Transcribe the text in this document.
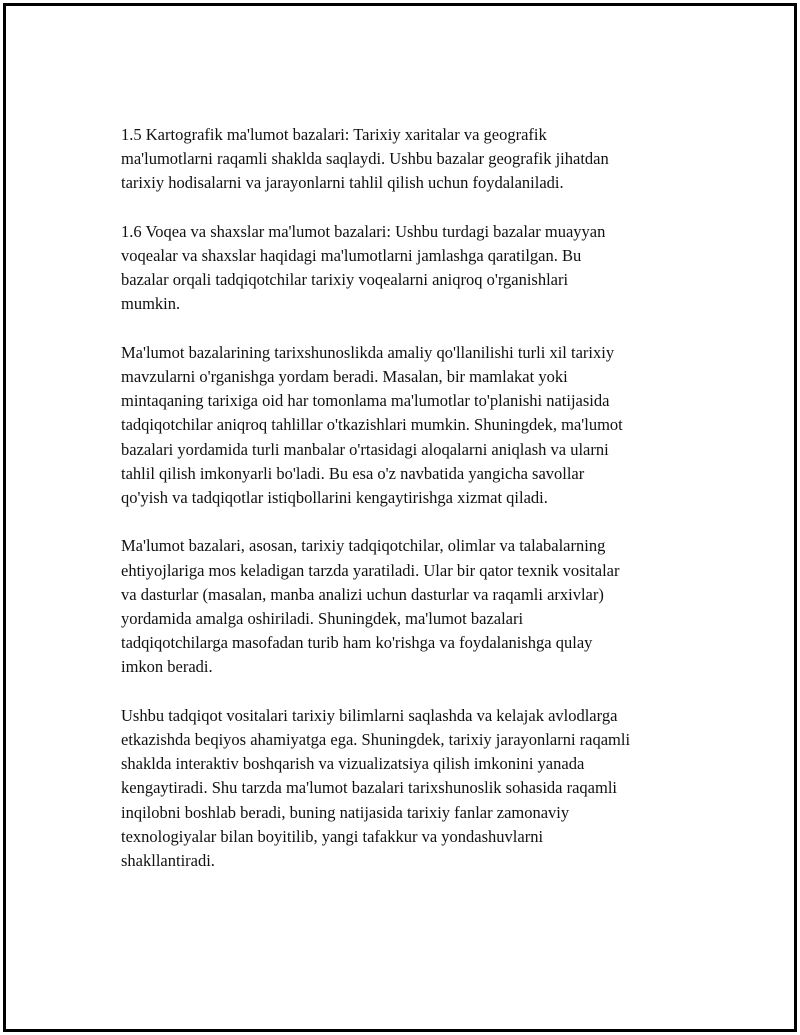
1.5 Kartografik ma'lumot bazalari: Tarixiy xaritalar va geografik
ma'lumotlarni raqamli shaklda saqlaydi. Ushbu bazalar geografik jihatdan
tarixiy hodisalarni va jarayonlarni tahlil qilish uchun foydalaniladi.

1.6 Voqea va shaxslar ma'lumot bazalari: Ushbu turdagi bazalar muayyan
voqealar va shaxslar haqidagi ma'lumotlarni jamlashga qaratilgan. Bu
bazalar orqali tadqiqotchilar tarixiy voqealarni aniqroq o'rganishlari
mumkin.

Ma'lumot bazalarining tarixshunoslikda amaliy qo'llanilishi turli xil tarixiy
mavzularni o'rganishga yordam beradi. Masalan, bir mamlakat yoki
mintaqaning tarixiga oid har tomonlama ma'lumotlar to'planishi natijasida
tadqiqotchilar aniqroq tahlillar o'tkazishlari mumkin. Shuningdek, ma'lumot
bazalari yordamida turli manbalar o'rtasidagi aloqalarni aniqlash va ularni
tahlil qilish imkonyarli bo'ladi. Bu esa o'z navbatida yangicha savollar
qo'yish va tadqiqotlar istiqbollarini kengaytirishga xizmat qiladi.

Ma'lumot bazalari, asosan, tarixiy tadqiqotchilar, olimlar va talabalarning
ehtiyojlariga mos keladigan tarzda yaratiladi. Ular bir qator texnik vositalar
va dasturlar (masalan, manba analizi uchun dasturlar va raqamli arxivlar)
yordamida amalga oshiriladi. Shuningdek, ma'lumot bazalari
tadqiqotchilarga masofadan turib ham ko'rishga va foydalanishga qulay
imkon beradi.

Ushbu tadqiqot vositalari tarixiy bilimlarni saqlashda va kelajak avlodlarga
etkazishda beqiyos ahamiyatga ega. Shuningdek, tarixiy jarayonlarni raqamli
shaklda interaktiv boshqarish va vizualizatsiya qilish imkonini yanada
kengaytiradi. Shu tarzda ma'lumot bazalari tarixshunoslik sohasida raqamli
inqilobni boshlab beradi, buning natijasida tarixiy fanlar zamonaviy
texnologiyalar bilan boyitilib, yangi tafakkur va yondashuvlarni
shakllantiradi.
